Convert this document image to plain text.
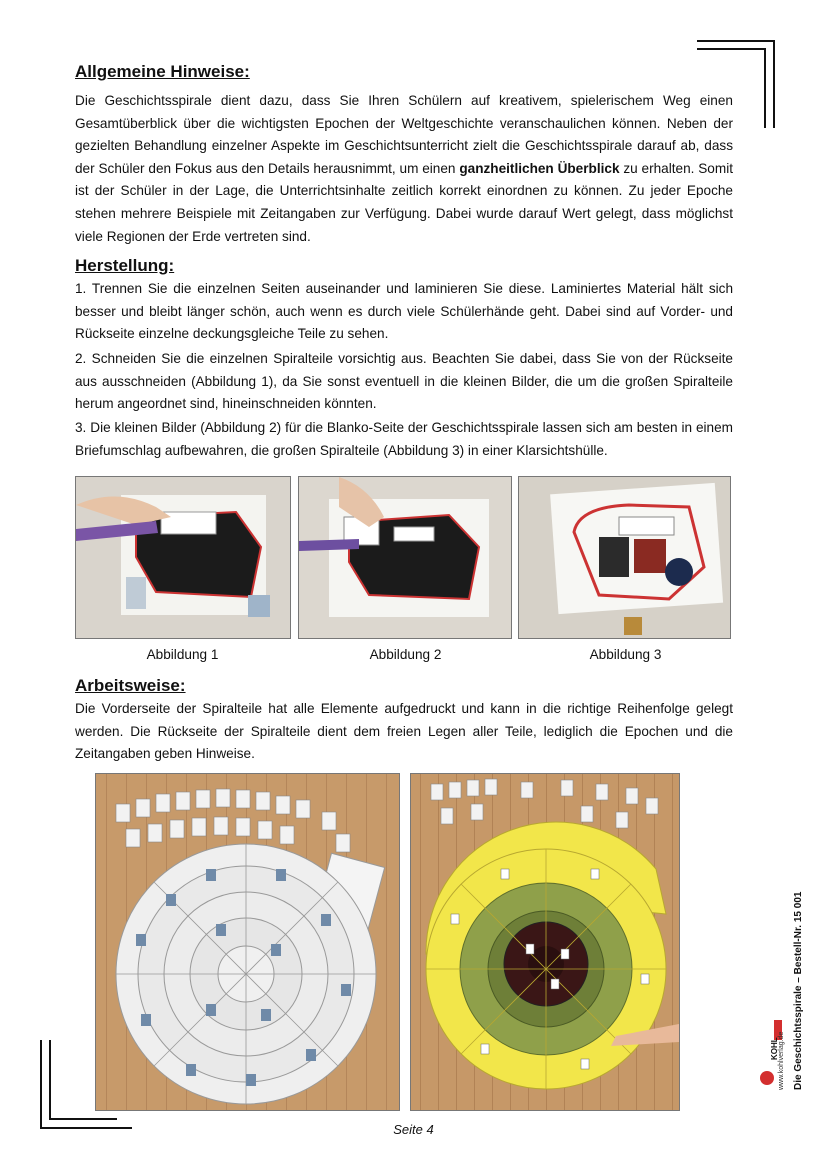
Allgemeine Hinweise:

Die Geschichtsspirale dient dazu, dass Sie Ihren Schülern auf kreativem, spielerischem Weg einen Gesamtüberblick über die wichtigsten Epochen der Weltgeschichte veranschaulichen können. Neben der gezielten Behandlung einzelner Aspekte im Geschichtsunterricht zielt die Geschichtsspirale darauf ab, dass der Schüler den Fokus aus den Details herausnimmt, um einen ganzheitlichen Überblick zu erhalten. Somit ist der Schüler in der Lage, die Unterrichtsinhalte zeitlich korrekt einordnen zu können. Zu jeder Epoche stehen mehrere Beispiele mit Zeitangaben zur Verfügung. Dabei wurde darauf Wert gelegt, dass möglichst viele Regionen der Erde vertreten sind.

Herstellung:

1. Trennen Sie die einzelnen Seiten auseinander und laminieren Sie diese. Laminiertes Material hält sich besser und bleibt länger schön, auch wenn es durch viele Schülerhände geht. Dabei sind auf Vorder- und Rückseite einzelne deckungsgleiche Teile zu sehen.

2. Schneiden Sie die einzelnen Spiralteile vorsichtig aus. Beachten Sie dabei, dass Sie von der Rückseite aus ausschneiden (Abbildung 1), da Sie sonst eventuell in die kleinen Bilder, die um die großen Spiralteile herum angeordnet sind, hineinschneiden könnten.

3. Die kleinen Bilder (Abbildung 2) für die Blanko-Seite der Geschichtsspirale lassen sich am besten in einem Briefumschlag aufbewahren, die großen Spiralteile (Abbildung 3) in einer Klarsichtshülle.

Abbildung 1	Abbildung 2	Abbildung 3
Arbeitsweise:

Die Vorderseite der Spiralteile hat alle Elemente aufgedruckt und kann in die richtige Reihenfolge gelegt werden. Die Rückseite der Spiralteile dient dem freien Legen aller Teile, lediglich die Epochen und die Zeitangaben geben Hinweise.

Die Geschichtsspirale – Bestell-Nr. 15 001
KOHL www.kohlverlag.de
Seite 4
